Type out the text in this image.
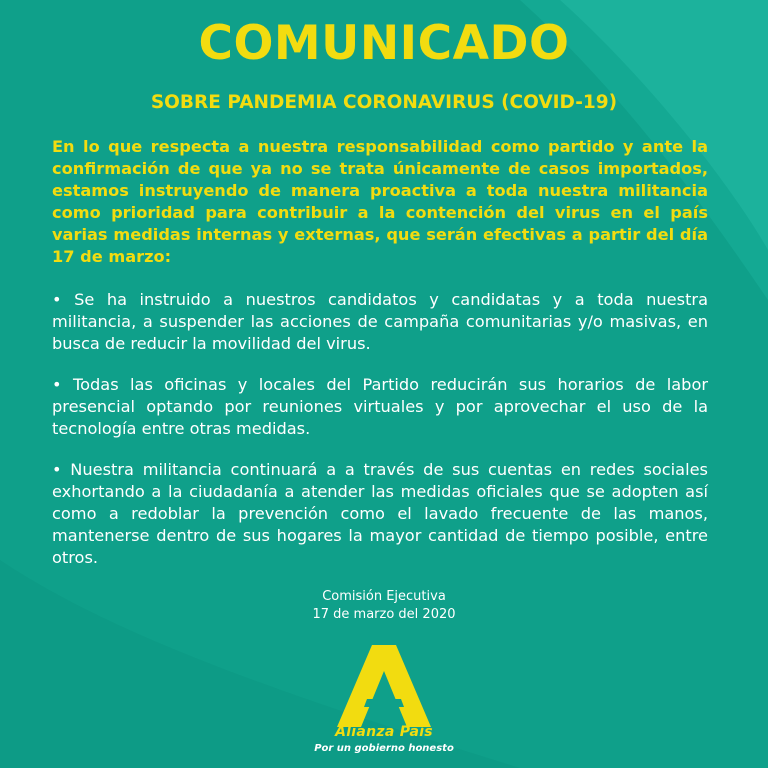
COMUNICADO
SOBRE PANDEMIA CORONAVIRUS (COVID-19)
En lo que respecta a nuestra responsabilidad como partido y ante la confirmación de que ya no se trata únicamente de casos importados, estamos instruyendo de manera proactiva a toda nuestra militancia como prioridad para contribuir a la contención del virus en el país varias medidas internas y externas, que serán efectivas a partir del día 17 de marzo:
• Se ha instruido a nuestros candidatos y candidatas y a toda nuestra militancia, a suspender las acciones de campaña comunitarias y/o masivas, en busca de reducir la movilidad del virus.
• Todas las oficinas y locales del Partido reducirán sus horarios de labor presencial optando por reuniones virtuales y por aprovechar el uso de la tecnología entre otras medidas.
• Nuestra militancia continuará a a través de sus cuentas en redes sociales exhortando a la ciudadanía a atender las medidas oficiales que se adopten así como a redoblar la prevención como el lavado frecuente de las manos, mantenerse dentro de sus hogares la mayor cantidad de tiempo posible, entre otros.
Comisión Ejecutiva
17 de marzo del 2020
Alianza País
Por un gobierno honesto
